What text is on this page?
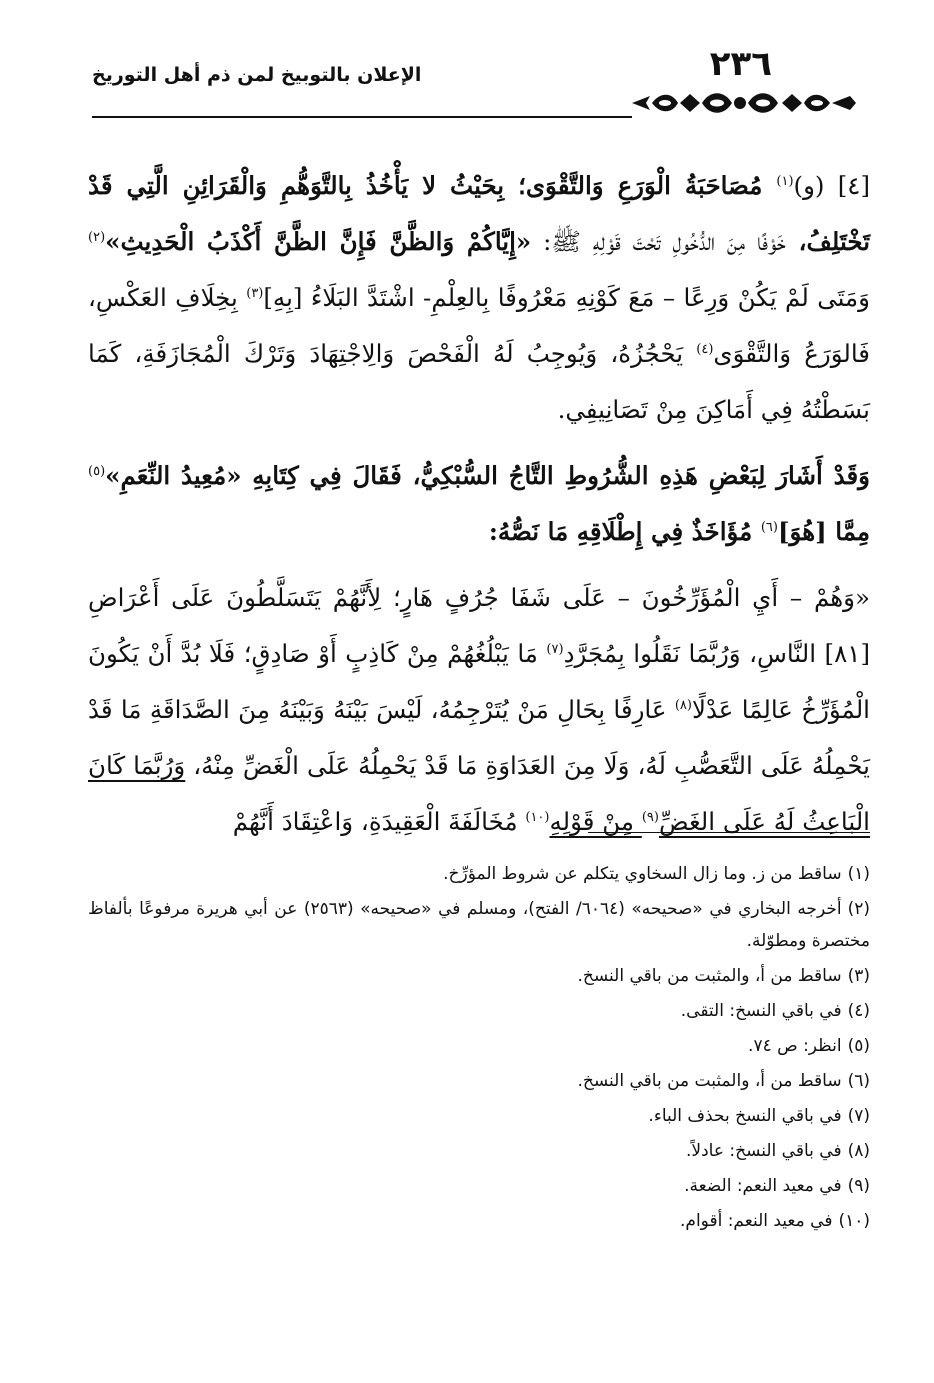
٢٣٦
الإعلان بالتوبيخ لمن ذم أهل التوريخ

[٤] (و)$^{(١)}$ مُصَاحَبَةُ الْوَرَعِ وَالتَّقْوَى؛ بِحَيْثُ لا يَأْخُذُ بِالتَّوَهُّمِ وَالْقَرَائِنِ الَّتِي قَدْ تَخْتَلِفُ، خَوْفًا مِنَ الدُّخُولِ تَحْتَ قَوْلِهِ ﷺ: «إِيَّاكُمْ وَالظَّنَّ فَإِنَّ الظَّنَّ أَكْذَبُ الْحَدِيثِ»$^{(٢)}$ وَمَتَى لَمْ يَكُنْ وَرِعًا – مَعَ كَوْنِهِ مَعْرُوفًا بِالعِلْمِ- اشْتَدَّ البَلَاءُ [بِهِ]$^{(٣)}$ بِخِلَافِ العَكْسِ، فَالوَرَعُ وَالتَّقْوَى$^{(٤)}$ يَحْجُزُهُ، وَيُوجِبُ لَهُ الْفَحْصَ وَالِاجْتِهَادَ وَتَرْكَ الْمُجَازَفَةِ، كَمَا بَسَطْتُهُ فِي أَمَاكِنَ مِنْ تَصَانِيفِي.

وَقَدْ أَشَارَ لِبَعْضِ هَذِهِ الشُّرُوطِ التَّاجُ السُّبْكِيُّ، فَقَالَ فِي كِتَابِهِ «مُعِيدُ النِّعَمِ»$^{(٥)}$ مِمَّا [هُوَ]$^{(٦)}$ مُؤَاخَذٌ فِي إِطْلَاقِهِ مَا نَصُّهُ:

«وَهُمْ – أَيِ الْمُؤَرِّخُونَ – عَلَى شَفَا جُرُفٍ هَارٍ؛ لِأَنَّهُمْ يَتَسَلَّطُونَ عَلَى أَعْرَاضِ [٨١] النَّاسِ، وَرُبَّمَا نَقَلُوا بِمُجَرَّدِ$^{(٧)}$ مَا يَبْلُغُهُمْ مِنْ كَاذِبٍ أَوْ صَادِقٍ؛ فَلَا بُدَّ أَنْ يَكُونَ الْمُؤَرِّخُ عَالِمًا عَدْلًا$^{(٨)}$ عَارِفًا بِحَالِ مَنْ يُتَرْجِمُهُ، لَيْسَ بَيْنَهُ وَبَيْنَهُ مِنَ الصَّدَاقَةِ مَا قَدْ يَحْمِلُهُ عَلَى التَّعَصُّبِ لَهُ، وَلَا مِنَ العَدَاوَةِ مَا قَدْ يَحْمِلُهُ عَلَى الْغَضِّ مِنْهُ، وَرُبَّمَا كَانَ الْبَاعِثُ لَهُ عَلَى الغَضِّ$^{(٩)}$ مِنْ قَوْلِهِ$^{(١٠)}$ مُخَالَفَةَ الْعَقِيدَةِ، وَاعْتِقَادَ أَنَّهُمْ

(١)ساقط من ز. وما زال السخاوي يتكلم عن شروط المؤرِّخ.
(٢)أخرجه البخاري في «صحيحه» (٦٠٦٤/ الفتح)، ومسلم في «صحيحه» (٢٥٦٣) عن أبي هريرة مرفوعًا بألفاظ مختصرة ومطوّلة.
(٣)ساقط من أ، والمثبت من باقي النسخ.
(٤)في باقي النسخ: التقى.
(٥)انظر: ص ٧٤.
(٦)ساقط من أ، والمثبت من باقي النسخ.
(٧)في باقي النسخ بحذف الباء.
(٨)في باقي النسخ: عادلاً.
(٩)في معيد النعم: الضعة.
(١٠)في معيد النعم: أقوام.
